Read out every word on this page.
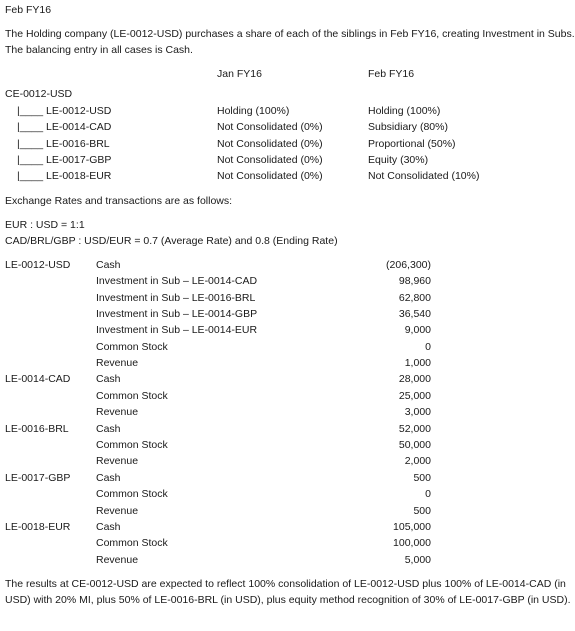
Feb FY16
The Holding company (LE-0012-USD) purchases a share of each of the siblings in Feb FY16, creating Investment in Subs.
The balancing entry in all cases is Cash.
Jan FY16	Feb FY16
CE-0012-USD
|____ LE-0012-USD	Holding (100%)	Holding (100%)
|____ LE-0014-CAD	Not Consolidated (0%)	Subsidiary (80%)
|____ LE-0016-BRL	Not Consolidated (0%)	Proportional (50%)
|____ LE-0017-GBP	Not Consolidated (0%)	Equity (30%)
|____ LE-0018-EUR	Not Consolidated (0%)	Not Consolidated (10%)
Exchange Rates and transactions are as follows:
EUR : USD = 1:1
CAD/BRL/GBP : USD/EUR = 0.7 (Average Rate) and 0.8 (Ending Rate)
LE-0012-USD Cash	(206,300)
Investment in Sub – LE-0014-CAD	98,960
Investment in Sub – LE-0016-BRL	62,800
Investment in Sub – LE-0014-GBP	36,540
Investment in Sub – LE-0014-EUR	9,000
Common Stock	0
Revenue	1,000
LE-0014-CAD Cash	28,000
Common Stock	25,000
Revenue	3,000
LE-0016-BRL	Cash	52,000
Common Stock	50,000
Revenue	2,000
LE-0017-GBP Cash	500
Common Stock	0
Revenue	500
LE-0018-EUR Cash	105,000
Common Stock	100,000
Revenue	5,000
The results at CE-0012-USD are expected to reflect 100% consolidation of LE-0012-USD plus 100% of LE-0014-CAD (in
USD) with 20% MI, plus 50% of LE-0016-BRL (in USD), plus equity method recognition of 30% of LE-0017-GBP (in USD).
